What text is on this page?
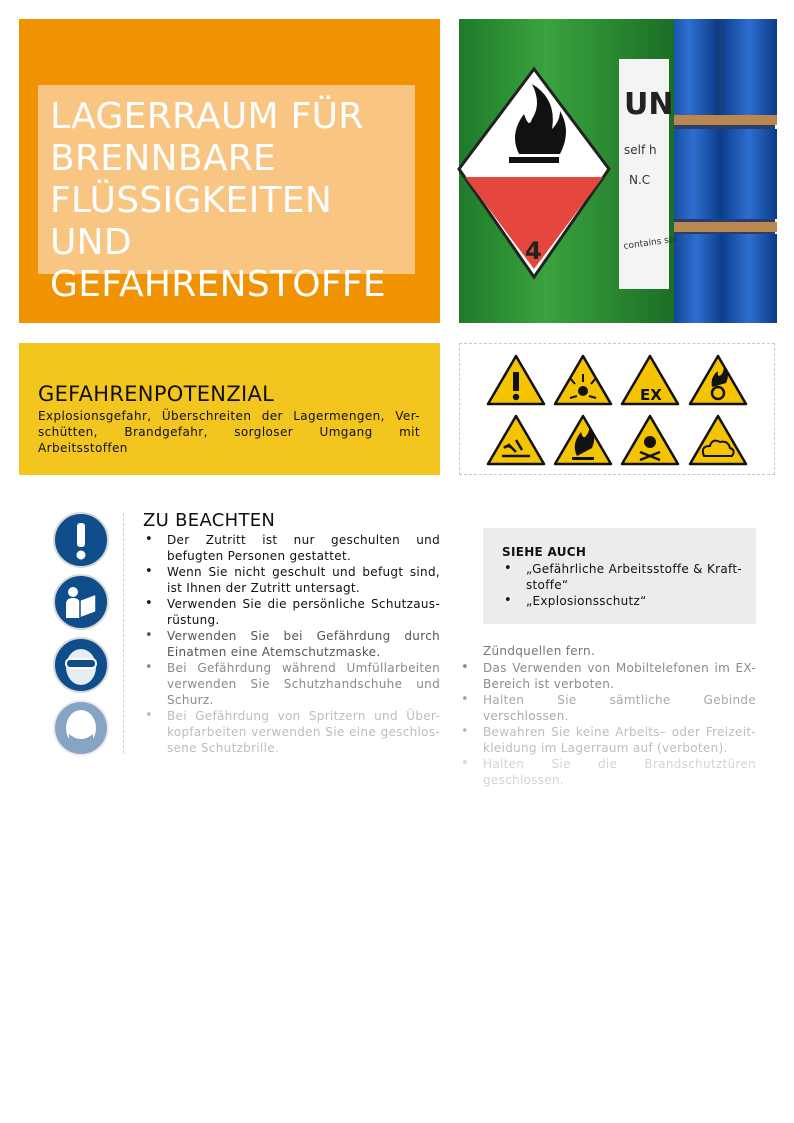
LAGERRAUM FÜR
BRENNBARE
FLÜSSIGKEITEN UND
GEFAHRENSTOFFE
UN
self h
N.C
contains sol
4
GEFAHRENPOTENZIAL
Explosionsgefahr, Überschreiten der Lagermengen, Ver-schütten, Brandgefahr, sorgloser Umgang mit Arbeitsstoffen
EX
ZU BEACHTEN
• Der Zutritt ist nur geschulten und befugten Personen gestattet.
• Wenn Sie nicht geschult und befugt sind, ist Ihnen der Zutritt untersagt.
• Verwenden Sie die persönliche Schutzaus-rüstung.
• Verwenden Sie bei Gefährdung durch Einatmen eine Atemschutzmaske.
• Bei Gefährdung während Umfüllarbeiten verwenden Sie Schutzhandschuhe und Schurz.
• Bei Gefährdung von Spritzern und Über-kopfarbeiten verwenden Sie eine geschlos-sene Schutzbrille.
SIEHE AUCH
• „Gefährliche Arbeitsstoffe & Kraft-stoffe“
• „Explosionsschutz“
Zündquellen fern.
• Das Verwenden von Mobiltelefonen im EX-Bereich ist verboten.
• Halten Sie sämtliche Gebinde verschlossen.
• Bewahren Sie keine Arbeits– oder Freizeit-kleidung im Lagerraum auf (verboten).
• Halten Sie die Brandschutztüren geschlossen.
